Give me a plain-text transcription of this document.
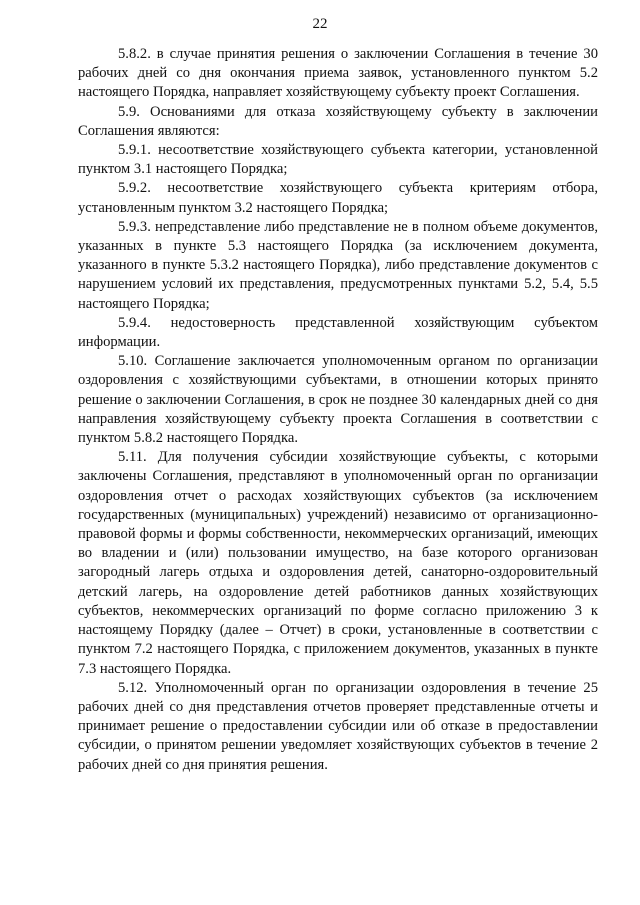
22

5.8.2. в случае принятия решения о заключении Соглашения в течение 30 рабочих дней со дня окончания приема заявок, установленного пунктом 5.2 настоящего Порядка, направляет хозяйствующему субъекту проект Соглашения.

5.9. Основаниями для отказа хозяйствующему субъекту в заключении Соглашения являются:

5.9.1. несоответствие хозяйствующего субъекта категории, установленной пунктом 3.1 настоящего Порядка;

5.9.2. несоответствие хозяйствующего субъекта критериям отбора, установленным пунктом 3.2 настоящего Порядка;

5.9.3. непредставление либо представление не в полном объеме документов, указанных в пункте 5.3 настоящего Порядка (за исключением документа, указанного в пункте 5.3.2 настоящего Порядка), либо представление документов с нарушением условий их представления, предусмотренных пунктами 5.2, 5.4, 5.5 настоящего Порядка;

5.9.4. недостоверность представленной хозяйствующим субъектом информации.

5.10. Соглашение заключается уполномоченным органом по организации оздоровления с хозяйствующими субъектами, в отношении которых принято решение о заключении Соглашения, в срок не позднее 30 календарных дней со дня направления хозяйствующему субъекту проекта Соглашения в соответствии с пунктом 5.8.2 настоящего Порядка.

5.11. Для получения субсидии хозяйствующие субъекты, с которыми заключены Соглашения, представляют в уполномоченный орган по организации оздоровления отчет о расходах хозяйствующих субъектов (за исключением государственных (муниципальных) учреждений) независимо от организационно-правовой формы и формы собственности, некоммерческих организаций, имеющих во владении и (или) пользовании имущество, на базе которого организован загородный лагерь отдыха и оздоровления детей, санаторно-оздоровительный детский лагерь, на оздоровление детей работников данных хозяйствующих субъектов, некоммерческих организаций по форме согласно приложению 3 к настоящему Порядку (далее – Отчет) в сроки, установленные в соответствии с пунктом 7.2 настоящего Порядка, с приложением документов, указанных в пункте 7.3 настоящего Порядка.

5.12. Уполномоченный орган по организации оздоровления в течение 25 рабочих дней со дня представления отчетов проверяет представленные отчеты и принимает решение о предоставлении субсидии или об отказе в предоставлении субсидии, о принятом решении уведомляет хозяйствующих субъектов в течение 2 рабочих дней со дня принятия решения.
